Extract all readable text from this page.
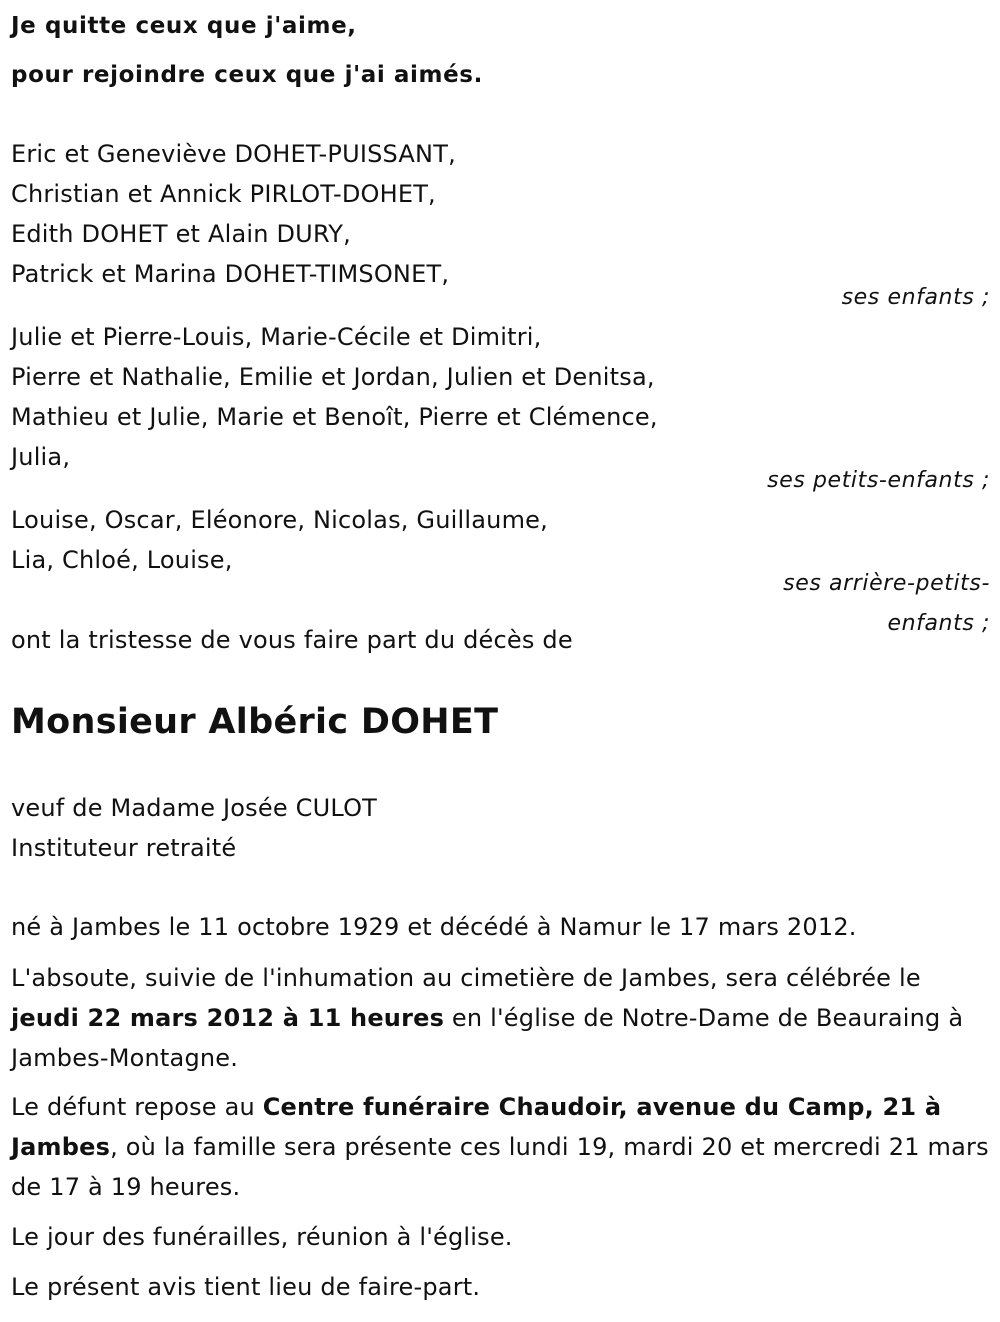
Je quitte ceux que j'aime,

pour rejoindre ceux que j'ai aimés.

Eric et Geneviève DOHET-PUISSANT,

Christian et Annick PIRLOT-DOHET,

Edith DOHET et Alain DURY,

Patrick et Marina DOHET-TIMSONET,

ses enfants ;

Julie et Pierre-Louis, Marie-Cécile et Dimitri,

Pierre et Nathalie, Emilie et Jordan, Julien et Denitsa,

Mathieu et Julie, Marie et Benoît, Pierre et Clémence,

Julia,

ses petits-enfants ;

Louise, Oscar, Eléonore, Nicolas, Guillaume,

Lia, Chloé, Louise,

ses arrière-petits-

enfants ;

ont la tristesse de vous faire part du décès de

Monsieur Albéric DOHET

veuf de Madame Josée CULOT

Instituteur retraité

né à Jambes le 11 octobre 1929 et décédé à Namur le 17 mars 2012.

L'absoute, suivie de l'inhumation au cimetière de Jambes, sera célébrée le jeudi 22 mars 2012 à 11 heures en l'église de Notre-Dame de Beauraing à Jambes-Montagne.

Le défunt repose au Centre funéraire Chaudoir, avenue du Camp, 21 à Jambes, où la famille sera présente ces lundi 19, mardi 20 et mercredi 21 mars de 17 à 19 heures.

Le jour des funérailles, réunion à l'église.

Le présent avis tient lieu de faire-part.
